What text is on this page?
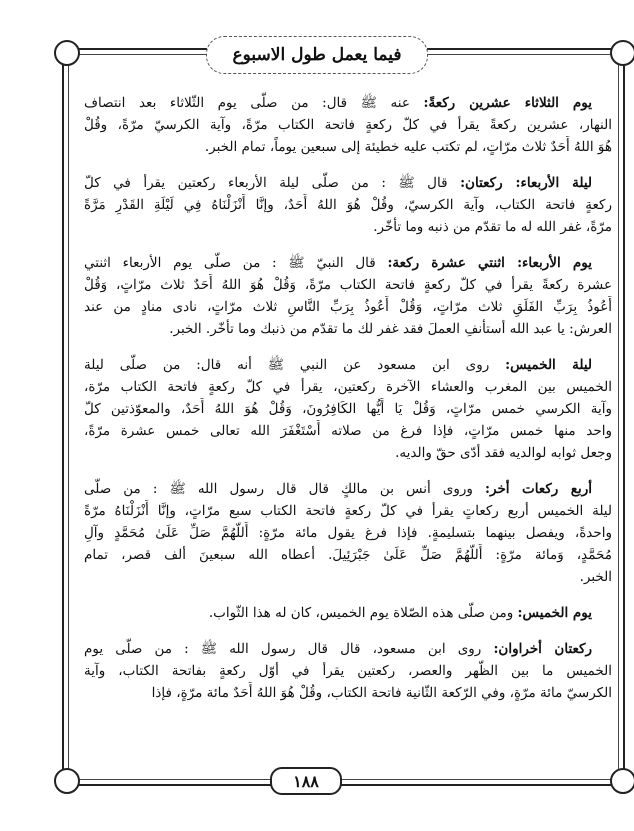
فيما يعمل طول الاسبوع
يوم الثلاثاء عشرين ركعةً: عنه ﷺ قال: من صلّى يوم الثّلاثاء بعد انتصاف
النهار، عشرين ركعةً يقرأ في كلّ ركعةٍ فاتحة الكتاب مرّةً، وآية الكرسيّ مرّةً، وقُلْ
هُوَ اللهُ أَحَدٌ ثلاث مرّاتٍ، لم تكتب عليه خطيئة إلى سبعين يوماً، تمام الخبر.
ليلة الأربعاء: ركعتان: قال ﷺ : من صلّى ليلة الأربعاء ركعتين يقرأ في كلّ
ركعةٍ فاتحة الكتاب، وآية الكرسيّ، وقُلْ هُوَ اللهُ أَحَدٌ، وإنَّا أَنْزَلْنَاهُ فِي لَيْلَةِ القَدْرِ مَرَّةً
مرّةً، غفر الله له ما تقدّم من ذنبه وما تأخّر.
يوم الأربعاء: اثنتي عشرة ركعة: قال النبيّ ﷺ : من صلّى يوم الأربعاء اثنتي
عشرة ركعةً يقرأ في كلّ ركعةٍ فاتحة الكتاب مرّةً، وَقُلْ هُوَ اللهُ أَحَدٌ ثلاث مرّاتٍ، وَقُلْ
أَعُوذُ بِرَبِّ الفَلَقِ ثلاث مرّاتٍ، وَقُلْ أَعُوذُ بِرَبِّ النَّاسِ ثلاث مرّاتٍ، نادى منادٍ من عند
العرش: يا عبد الله أستأنفِ العملَ فقد غفر لك ما تقدّم من ذنبك وما تأخّر. الخبر.
ليلة الخميس: روى ابن مسعود عن النبي ﷺ أنه قال: من صلّى ليلة
الخميس بين المغرب والعشاء الآخرة ركعتين، يقرأ في كلّ ركعةٍ فاتحة الكتاب مرّة،
وآية الكرسي خمس مرّاتٍ، وَقُلْ يَا أَيُّها الكَافِرُونَ، وَقُلْ هُوَ اللهُ أَحَدٌ، والمعوّذتين كلّ
واحد منها خمس مرّاتٍ، فإذا فرغ من صلاته أَسْتَغْفَرَ الله تعالى خمس عشرة مرّةً،
وجعل ثوابه لوالديه فقد أدّى حقّ والديه.
أربع ركعات أخر: وروى أنس بن مالكٍ قال قال رسول الله ﷺ : من صلّى
ليلة الخميس أربع ركعاتٍ يقرأ في كلّ ركعةٍ فاتحة الكتاب سبع مرّاتٍ، وإنَّا أَنْزَلْنَاهُ مرّةً
واحدةً، ويفصل بينهما بتسليمةٍ. فإذا فرغ يقول مائة مرّةٍ: أَللَّهُمَّ صَلِّ عَلَىٰ مُحَمَّدٍ وآلِ
مُحَمَّدٍ، وَمائة مرّةٍ: أَللَّهُمَّ صَلِّ عَلَىٰ جَبْرَئِيلَ. أعطاه الله سبعينَ ألف قصر، تمام
الخبر.
يوم الخميس: ومن صلّى هذه الصّلاة يوم الخميس، كان له هذا الثّواب.
ركعتان أخراوان: روى ابن مسعود، قال قال رسول الله ﷺ : من صلّى يوم
الخميس ما بين الظّهر والعصر، ركعتين يقرأ في أوّل ركعةٍ بفاتحة الكتاب، وآية
الكرسيّ مائة مرّةٍ، وفي الرّكعة الثّانية فاتحة الكتاب، وقُلْ هُوَ اللهُ أَحَدٌ مائة مرّةٍ، فإذا
١٨٨
